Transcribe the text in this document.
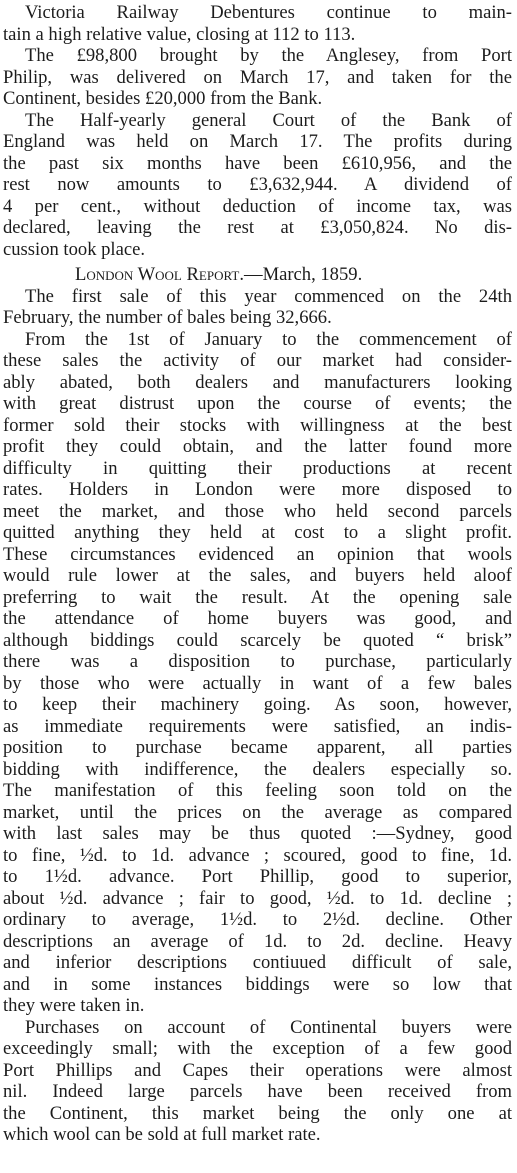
Victoria Railway Debentures continue to main-
tain a high relative value, closing at 112 to 113.
The £98,800 brought by the Anglesey, from Port
Philip, was delivered on March 17, and taken for the
Continent, besides £20,000 from the Bank.
The Half-yearly general Court of the Bank of
England was held on March 17. The profits during
the past six months have been £610,956, and the
rest now amounts to £3,632,944. A dividend of
4 per cent., without deduction of income tax, was
declared, leaving the rest at £3,050,824. No dis-
cussion took place.
London Wool Report.—March, 1859.
The first sale of this year commenced on the 24th
February, the number of bales being 32,666.
From the 1st of January to the commencement of
these sales the activity of our market had consider-
ably abated, both dealers and manufacturers looking
with great distrust upon the course of events; the
former sold their stocks with willingness at the best
profit they could obtain, and the latter found more
difficulty in quitting their productions at recent
rates. Holders in London were more disposed to
meet the market, and those who held second parcels
quitted anything they held at cost to a slight profit.
These circumstances evidenced an opinion that wools
would rule lower at the sales, and buyers held aloof
preferring to wait the result. At the opening sale
the attendance of home buyers was good, and
although biddings could scarcely be quoted “ brisk”
there was a disposition to purchase, particularly
by those who were actually in want of a few bales
to keep their machinery going. As soon, however,
as immediate requirements were satisfied, an indis-
position to purchase became apparent, all parties
bidding with indifference, the dealers especially so.
The manifestation of this feeling soon told on the
market, until the prices on the average as compared
with last sales may be thus quoted :—Sydney, good
to fine, ½d. to 1d. advance ; scoured, good to fine, 1d.
to 1½d. advance. Port Phillip, good to superior,
about ½d. advance ; fair to good, ½d. to 1d. decline ;
ordinary to average, 1½d. to 2½d. decline. Other
descriptions an average of 1d. to 2d. decline. Heavy
and inferior descriptions contiuued difficult of sale,
and in some instances biddings were so low that
they were taken in.
Purchases on account of Continental buyers were
exceedingly small; with the exception of a few good
Port Phillips and Capes their operations were almost
nil. Indeed large parcels have been received from
the Continent, this market being the only one at
which wool can be sold at full market rate.
